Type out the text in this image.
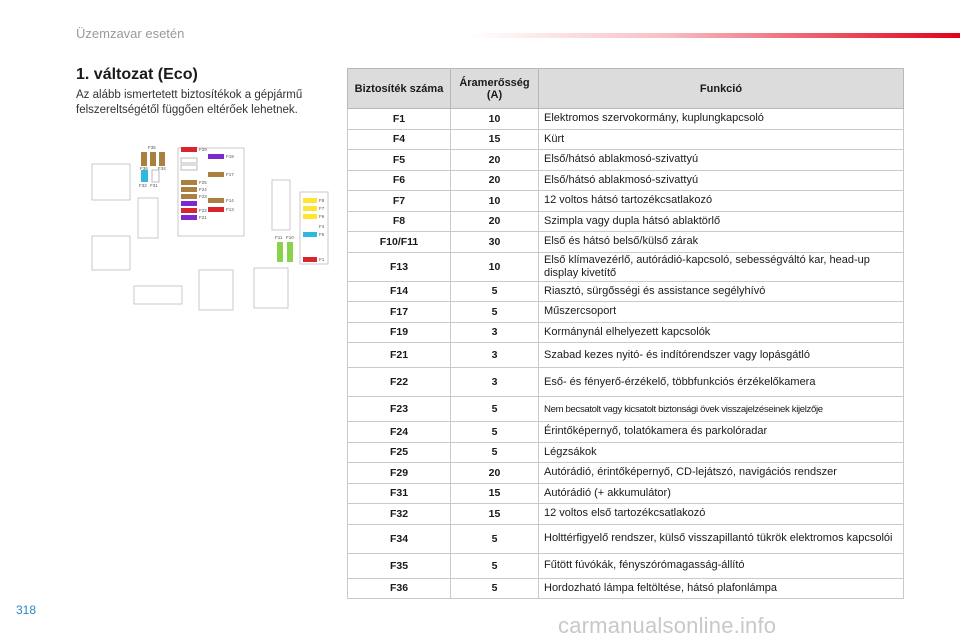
Üzemzavar esetén
1. változat (Eco)
Az alább ismertetett biztosítékok a gépjármű felszereltségétől függően eltérőek lehetnek.
F35
F36 F34
F32 F31
F29
F19
F17
F25
F24
F23
F22
F21
F14
F13
F11 F10
F8
F7
F6
F5
F4
F1
Biztosíték száma	Áramerősség (A)	Funkció
F1	10	Elektromos szervokormány, kuplungkapcsoló
F4	15	Kürt
F5	20	Első/hátsó ablakmosó-szivattyú
F6	20	Első/hátsó ablakmosó-szivattyú
F7	10	12 voltos hátsó tartozékcsatlakozó
F8	20	Szimpla vagy dupla hátsó ablaktörlő
F10/F11	30	Első és hátsó belső/külső zárak
F13	10	Első klímavezérlő, autórádió-kapcsoló, sebességváltó kar, head-up display kivetítő
F14	5	Riasztó, sürgősségi és assistance segélyhívó
F17	5	Műszercsoport
F19	3	Kormánynál elhelyezett kapcsolók
F21	3	Szabad kezes nyitó- és indítórendszer vagy lopásgátló
F22	3	Eső- és fényerő-érzékelő, többfunkciós érzékelőkamera
F23	5	Nem becsatolt vagy kicsatolt biztonsági övek visszajelzéseinek kijelzője
F24	5	Érintőképernyő, tolatókamera és parkolóradar
F25	5	Légzsákok
F29	20	Autórádió, érintőképernyő, CD-lejátszó, navigációs rendszer
F31	15	Autórádió (+ akkumulátor)
F32	15	12 voltos első tartozékcsatlakozó
F34	5	Holttérfigyelő rendszer, külső visszapillantó tükrök elektromos kapcsolói
F35	5	Fűtött fúvókák, fényszórómagasság-állító
F36	5	Hordozható lámpa feltöltése, hátsó plafonlámpa
318
carmanualsonline.info
